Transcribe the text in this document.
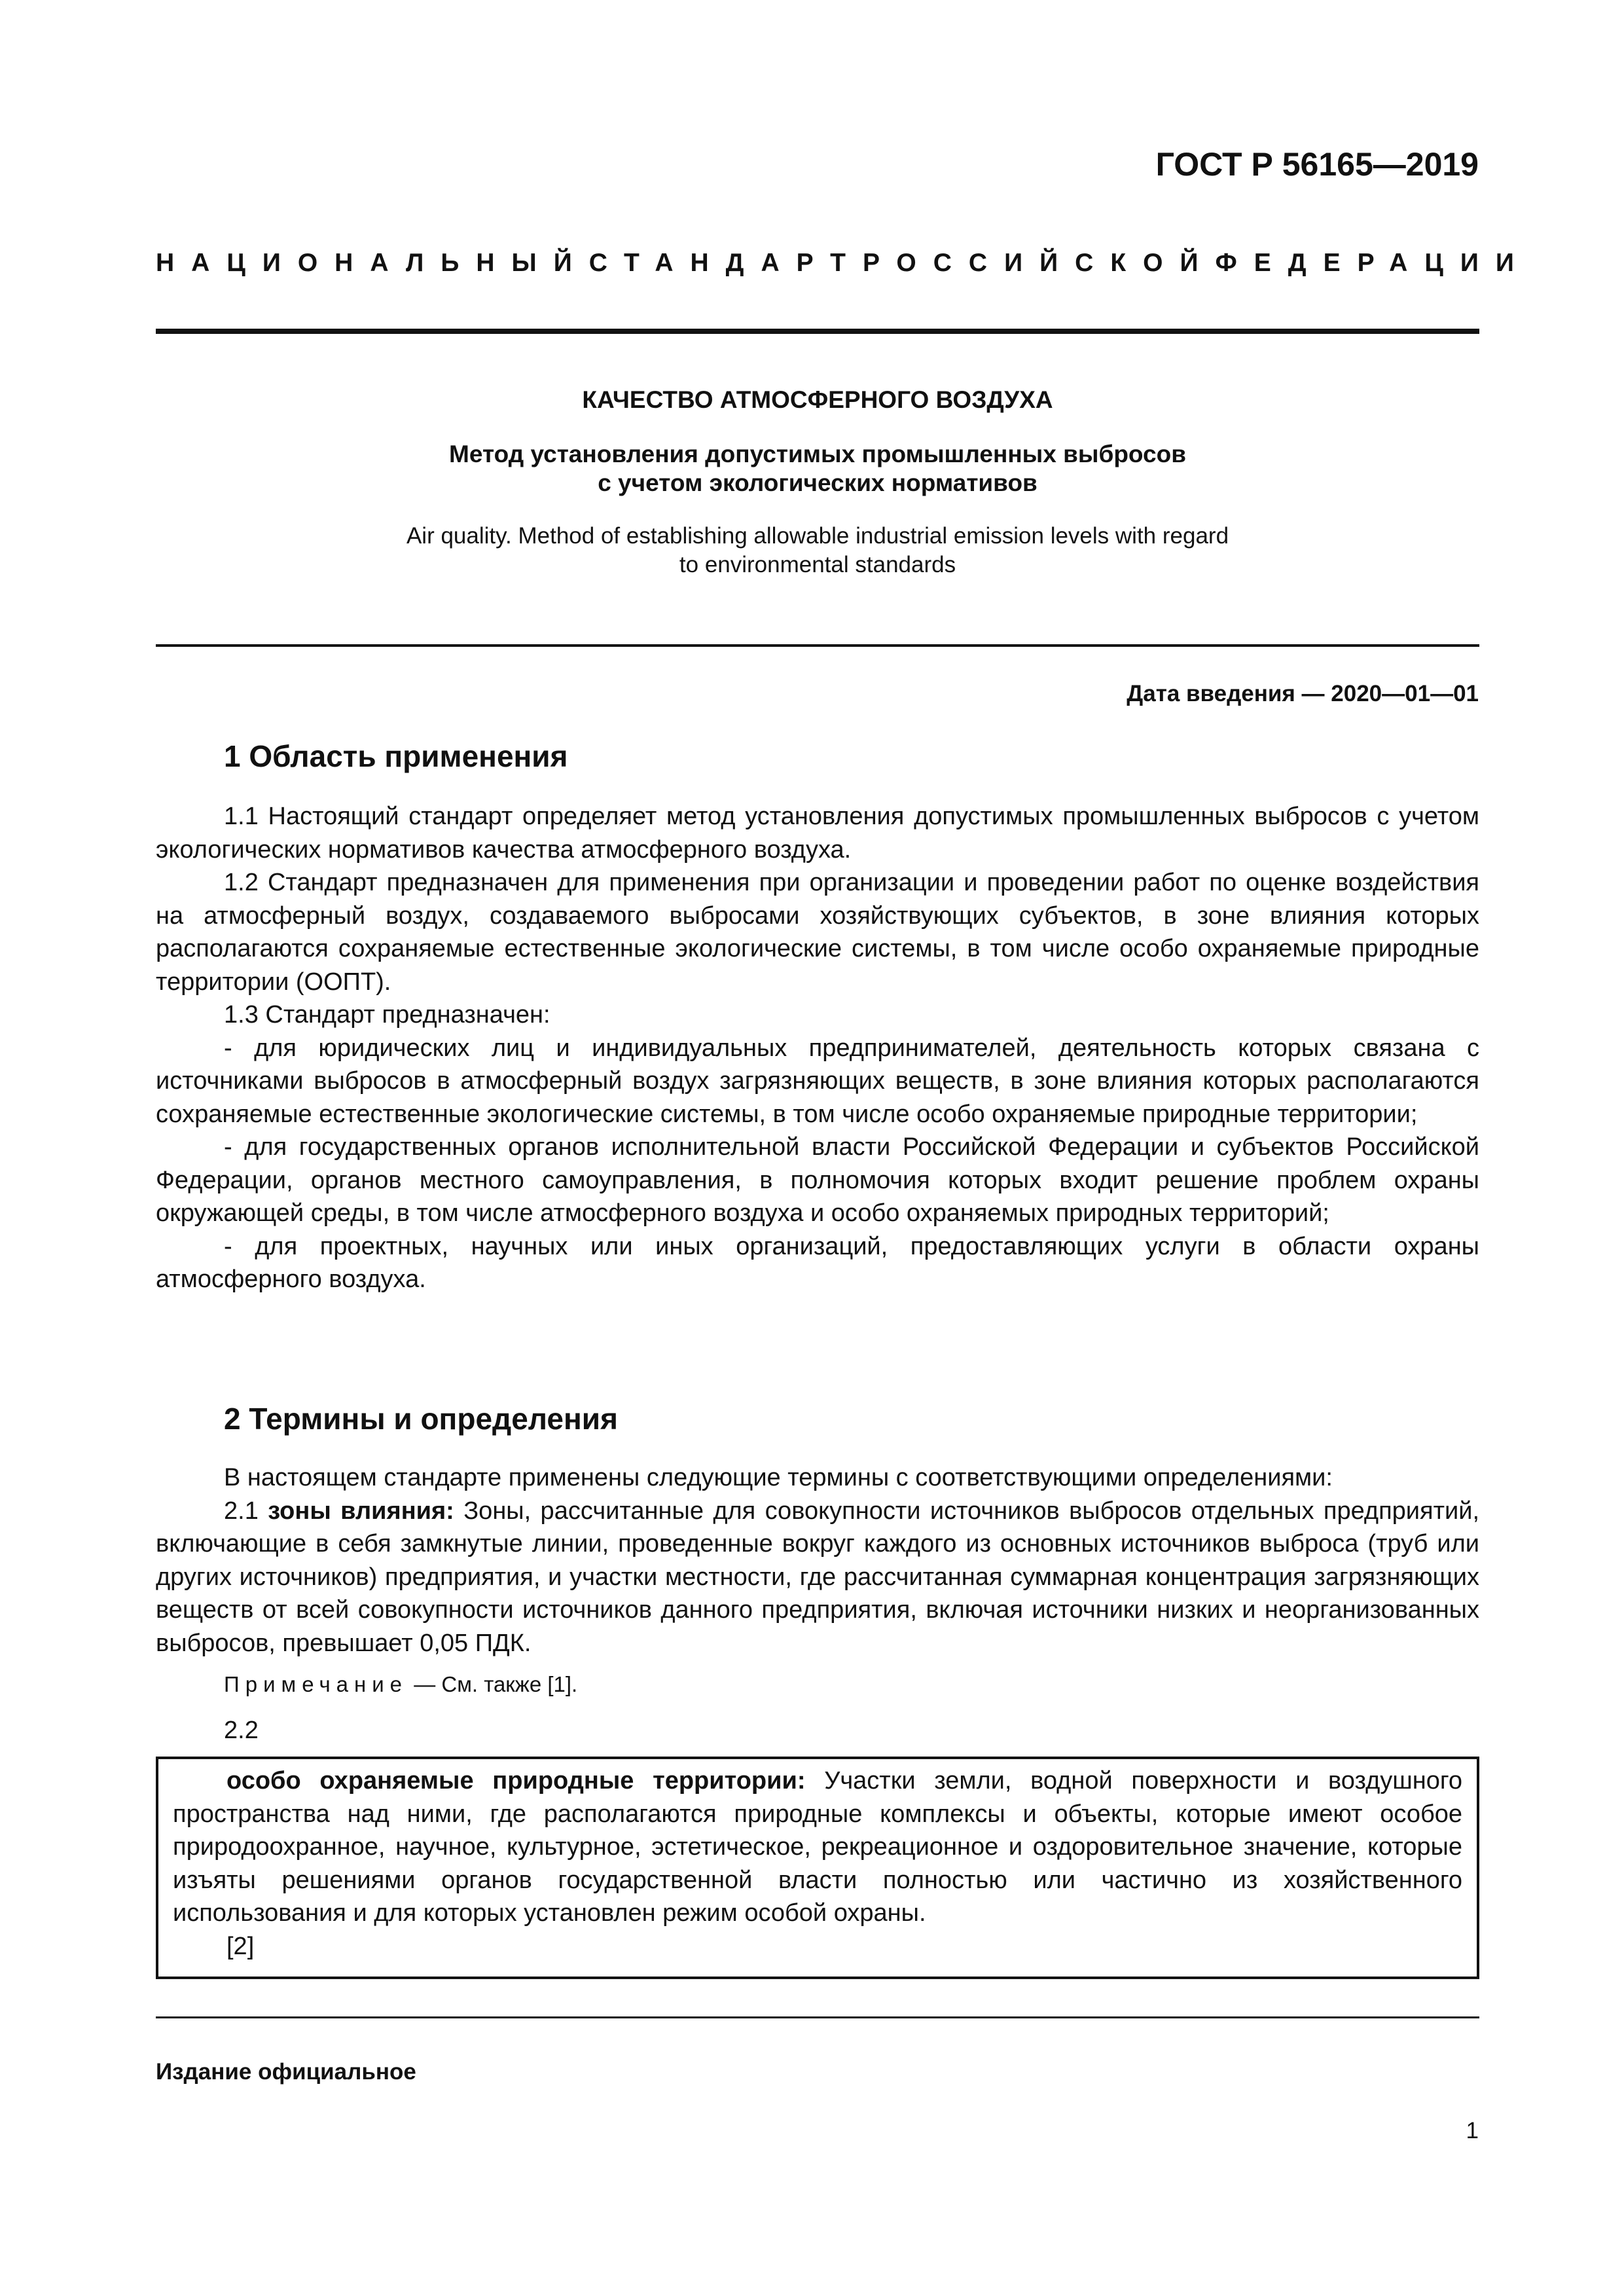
ГОСТ Р 56165—2019
НАЦИОНАЛЬНЫЙ СТАНДАРТ РОССИЙСКОЙ ФЕДЕРАЦИИ
КАЧЕСТВО АТМОСФЕРНОГО ВОЗДУХА
Метод установления допустимых промышленных выбросов
с учетом экологических нормативов
Air quality. Method of establishing allowable industrial emission levels with regard
to environmental standards
Дата введения — 2020—01—01
1 Область применения

1.1 Настоящий стандарт определяет метод установления допустимых промышленных выбросов с учетом экологических нормативов качества атмосферного воздуха.

1.2 Стандарт предназначен для применения при организации и проведении работ по оценке воздействия на атмосферный воздух, создаваемого выбросами хозяйствующих субъектов, в зоне влияния которых располагаются сохраняемые естественные экологические системы, в том числе особо охраняемые природные территории (ООПТ).

1.3 Стандарт предназначен:

- для юридических лиц и индивидуальных предпринимателей, деятельность которых связана с источниками выбросов в атмосферный воздух загрязняющих веществ, в зоне влияния которых располагаются сохраняемые естественные экологические системы, в том числе особо охраняемые природные территории;

- для государственных органов исполнительной власти Российской Федерации и субъектов Российской Федерации, органов местного самоуправления, в полномочия которых входит решение проблем охраны окружающей среды, в том числе атмосферного воздуха и особо охраняемых природных территорий;

- для проектных, научных или иных организаций, предоставляющих услуги в области охраны атмосферного воздуха.

2 Термины и определения

В настоящем стандарте применены следующие термины с соответствующими определениями:

2.1 зоны влияния: Зоны, рассчитанные для совокупности источников выбросов отдельных предприятий, включающие в себя замкнутые линии, проведенные вокруг каждого из основных источников выброса (труб или других источников) предприятия, и участки местности, где рассчитанная суммарная концентрация загрязняющих веществ от всей совокупности источников данного предприятия, включая источники низких и неорганизованных выбросов, превышает 0,05 ПДК.

Примечание — См. также [1].
2.2

особо охраняемые природные территории: Участки земли, водной поверхности и воздушного пространства над ними, где располагаются природные комплексы и объекты, которые имеют особое природоохранное, научное, культурное, эстетическое, рекреационное и оздоровительное значение, которые изъяты решениями органов государственной власти полностью или частично из хозяйственного использования и для которых установлен режим особой охраны.

[2]

Издание официальное
1
